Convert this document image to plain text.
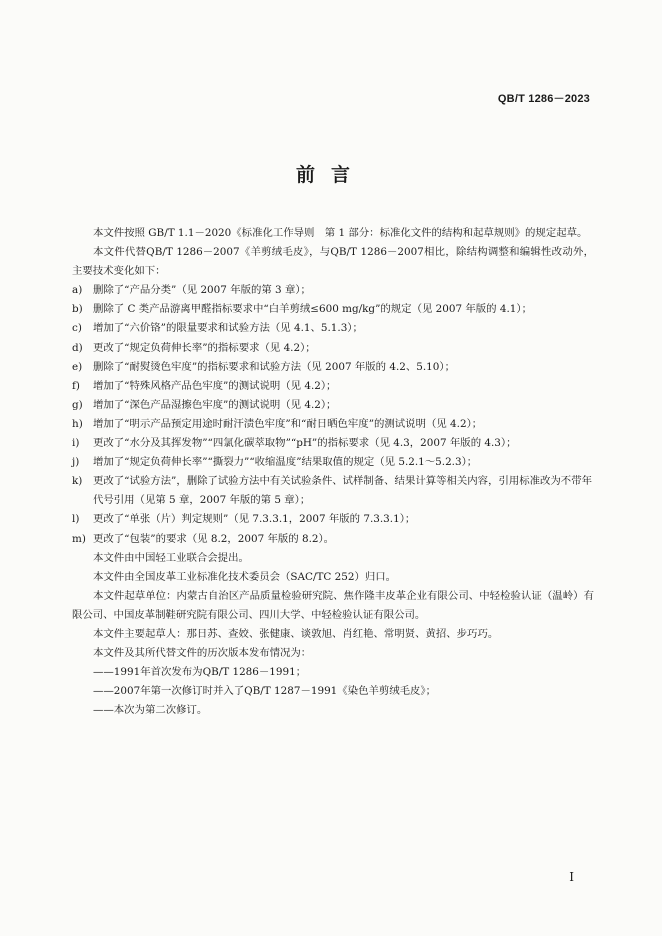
QB/T 1286－2023
前言

本文件按照 GB/T 1.1－2020《标准化工作导则　第 1 部分：标准化文件的结构和起草规则》的规定起草。

本文件代替QB/T 1286－2007《羊剪绒毛皮》，与QB/T 1286－2007相比，除结构调整和编辑性改动外，主要技术变化如下：

a)	删除了“产品分类”（见 2007 年版的第 3 章）；
b) 删除了 C 类产品游离甲醛指标要求中“白羊剪绒≤600 mg/kg”的规定（见 2007 年版的 4.1）；
c)	增加了“六价铬”的限量要求和试验方法（见 4.1、5.1.3）；
d) 更改了“规定负荷伸长率”的指标要求（见 4.2）；
e)	删除了“耐熨烫色牢度”的指标要求和试验方法（见 2007 年版的 4.2、5.10）；
f)	增加了“特殊风格产品色牢度”的测试说明（见 4.2）；
g) 增加了“深色产品湿擦色牢度”的测试说明（见 4.2）；
h) 增加了“明示产品预定用途时耐汗渍色牢度”和“耐日晒色牢度”的测试说明（见 4.2）；
i)	更改了“水分及其挥发物”“四氯化碳萃取物”“pH”的指标要求（见 4.3，2007 年版的 4.3）；
j)	增加了“规定负荷伸长率”“撕裂力”“收缩温度”结果取值的规定（见 5.2.1～5.2.3）；
k)	更改了“试验方法”，删除了试验方法中有关试验条件、试样制备、结果计算等相关内容，引用标准改为不带年代号引用（见第 5 章，2007 年版的第 5 章）；
l)	更改了“单张（片）判定规则”（见 7.3.3.1，2007 年版的 7.3.3.1）；
m) 更改了“包装”的要求（见 8.2，2007 年版的 8.2）。

本文件由中国轻工业联合会提出。

本文件由全国皮革工业标准化技术委员会（SAC/TC 252）归口。

本文件起草单位：内蒙古自治区产品质量检验研究院、焦作隆丰皮革企业有限公司、中轻检验认证（温岭）有限公司、中国皮革制鞋研究院有限公司、四川大学、中轻检验认证有限公司。

本文件主要起草人：那日苏、查姣、张健康、谈敦旭、肖红艳、常明贤、黄招、步巧巧。

本文件及其所代替文件的历次版本发布情况为：

——1991年首次发布为QB/T 1286－1991；

——2007年第一次修订时并入了QB/T 1287－1991《染色羊剪绒毛皮》；

——本次为第二次修订。

I
